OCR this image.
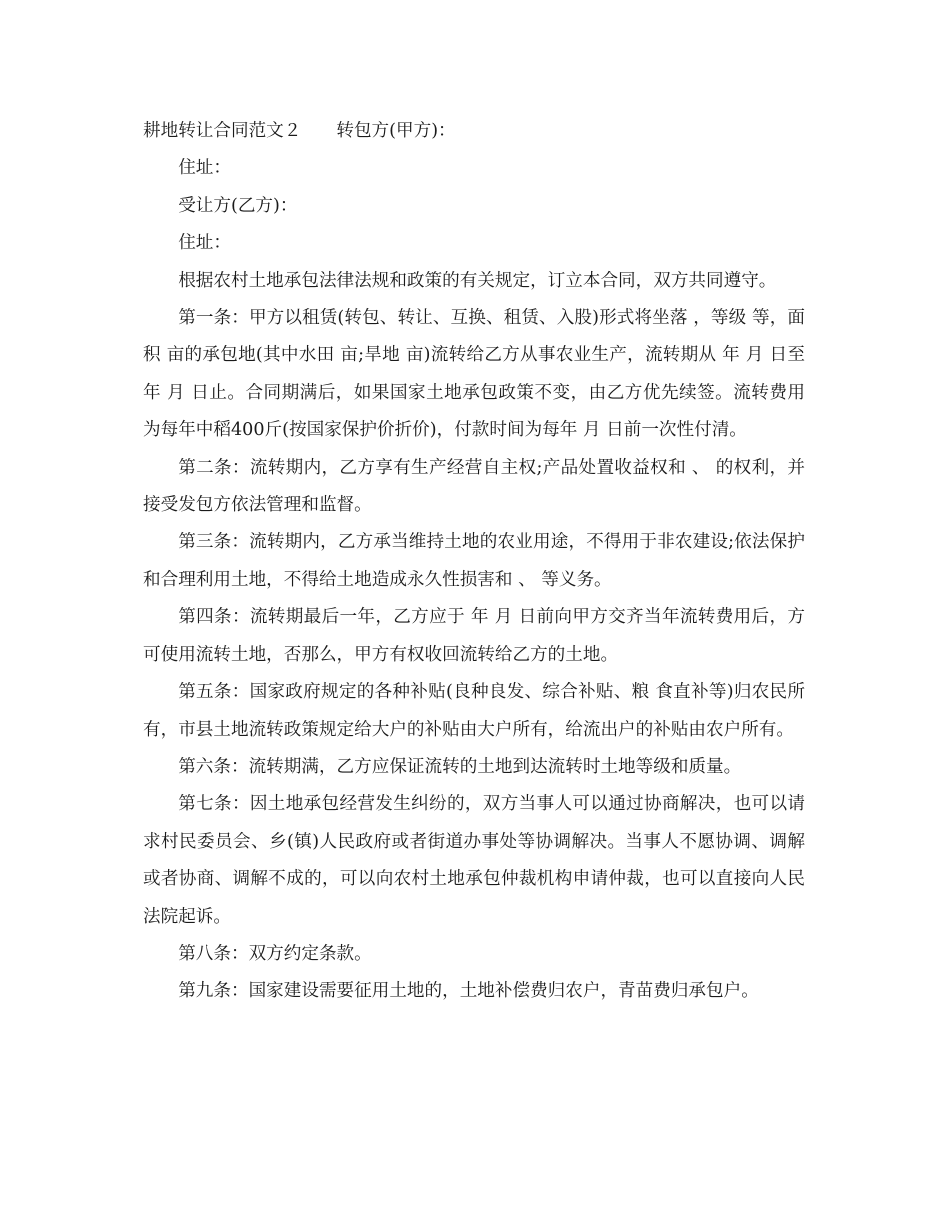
耕地转让合同范文２ 转包方(甲方)：

住址：

受让方(乙方)：

住址：

根据农村土地承包法律法规和政策的有关规定，订立本合同，双方共同遵守。

第一条：甲方以租赁(转包、转让、互换、租赁、入股)形式将坐落 ，等级 等，面积 亩的承包地(其中水田 亩;旱地 亩)流转给乙方从事农业生产，流转期从 年 月 日至 年 月 日止。合同期满后，如果国家土地承包政策不变，由乙方优先续签。流转费用为每年中稻400斤(按国家保护价折价)，付款时间为每年 月 日前一次性付清。

第二条：流转期内，乙方享有生产经营自主权;产品处置收益权和 、 的权利，并接受发包方依法管理和监督。

第三条：流转期内，乙方承当维持土地的农业用途，不得用于非农建设;依法保护和合理利用土地，不得给土地造成永久性损害和 、 等义务。

第四条：流转期最后一年，乙方应于 年 月 日前向甲方交齐当年流转费用后，方可使用流转土地，否那么，甲方有权收回流转给乙方的土地。

第五条：国家政府规定的各种补贴(良种良发、综合补贴、粮 食直补等)归农民所有，市县土地流转政策规定给大户的补贴由大户所有，给流出户的补贴由农户所有。

第六条：流转期满，乙方应保证流转的土地到达流转时土地等级和质量。

第七条：因土地承包经营发生纠纷的，双方当事人可以通过协商解决，也可以请求村民委员会、乡(镇)人民政府或者街道办事处等协调解决。当事人不愿协调、调解或者协商、调解不成的，可以向农村土地承包仲裁机构申请仲裁，也可以直接向人民法院起诉。

第八条：双方约定条款。

第九条：国家建设需要征用土地的，土地补偿费归农户，青苗费归承包户。
